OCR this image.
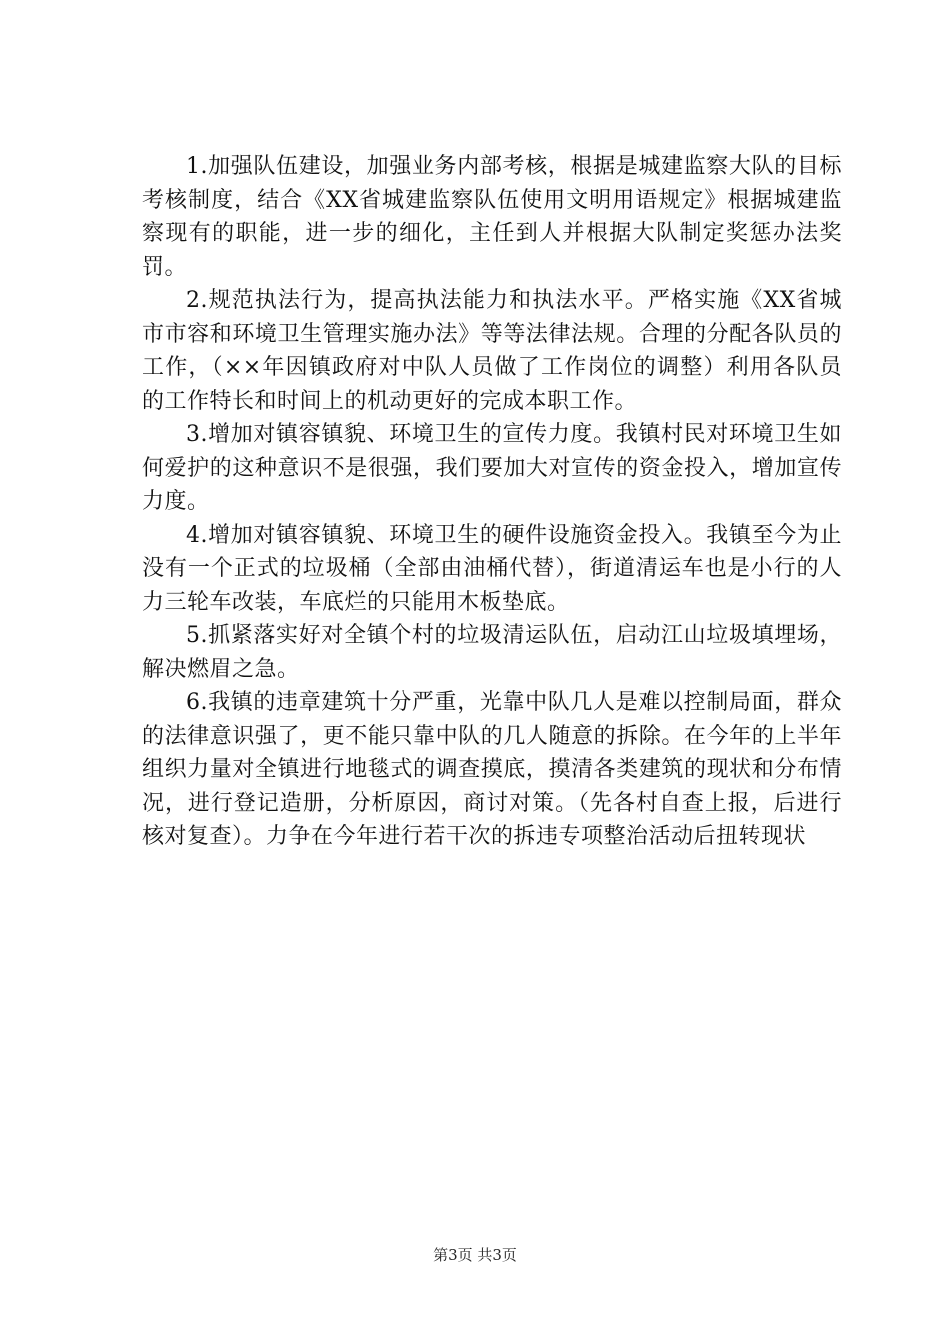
1.加强队伍建设，加强业务内部考核，根据是城建监察大队的目标考核制度，结合《XX省城建监察队伍使用文明用语规定》根据城建监察现有的职能，进一步的细化，主任到人并根据大队制定奖惩办法奖罚。

2.规范执法行为，提高执法能力和执法水平。严格实施《XX省城市市容和环境卫生管理实施办法》等等法律法规。合理的分配各队员的工作，（××年因镇政府对中队人员做了工作岗位的调整）利用各队员的工作特长和时间上的机动更好的完成本职工作。

3.增加对镇容镇貌、环境卫生的宣传力度。我镇村民对环境卫生如何爱护的这种意识不是很强，我们要加大对宣传的资金投入，增加宣传力度。

4.增加对镇容镇貌、环境卫生的硬件设施资金投入。我镇至今为止没有一个正式的垃圾桶（全部由油桶代替），街道清运车也是小行的人力三轮车改装，车底烂的只能用木板垫底。

5.抓紧落实好对全镇个村的垃圾清运队伍，启动江山垃圾填埋场，解决燃眉之急。

6.我镇的违章建筑十分严重，光靠中队几人是难以控制局面，群众的法律意识强了，更不能只靠中队的几人随意的拆除。在今年的上半年组织力量对全镇进行地毯式的调查摸底，摸清各类建筑的现状和分布情况，进行登记造册，分析原因，商讨对策。（先各村自查上报，后进行核对复查）。力争在今年进行若干次的拆违专项整治活动后扭转现状

第3页 共3页
